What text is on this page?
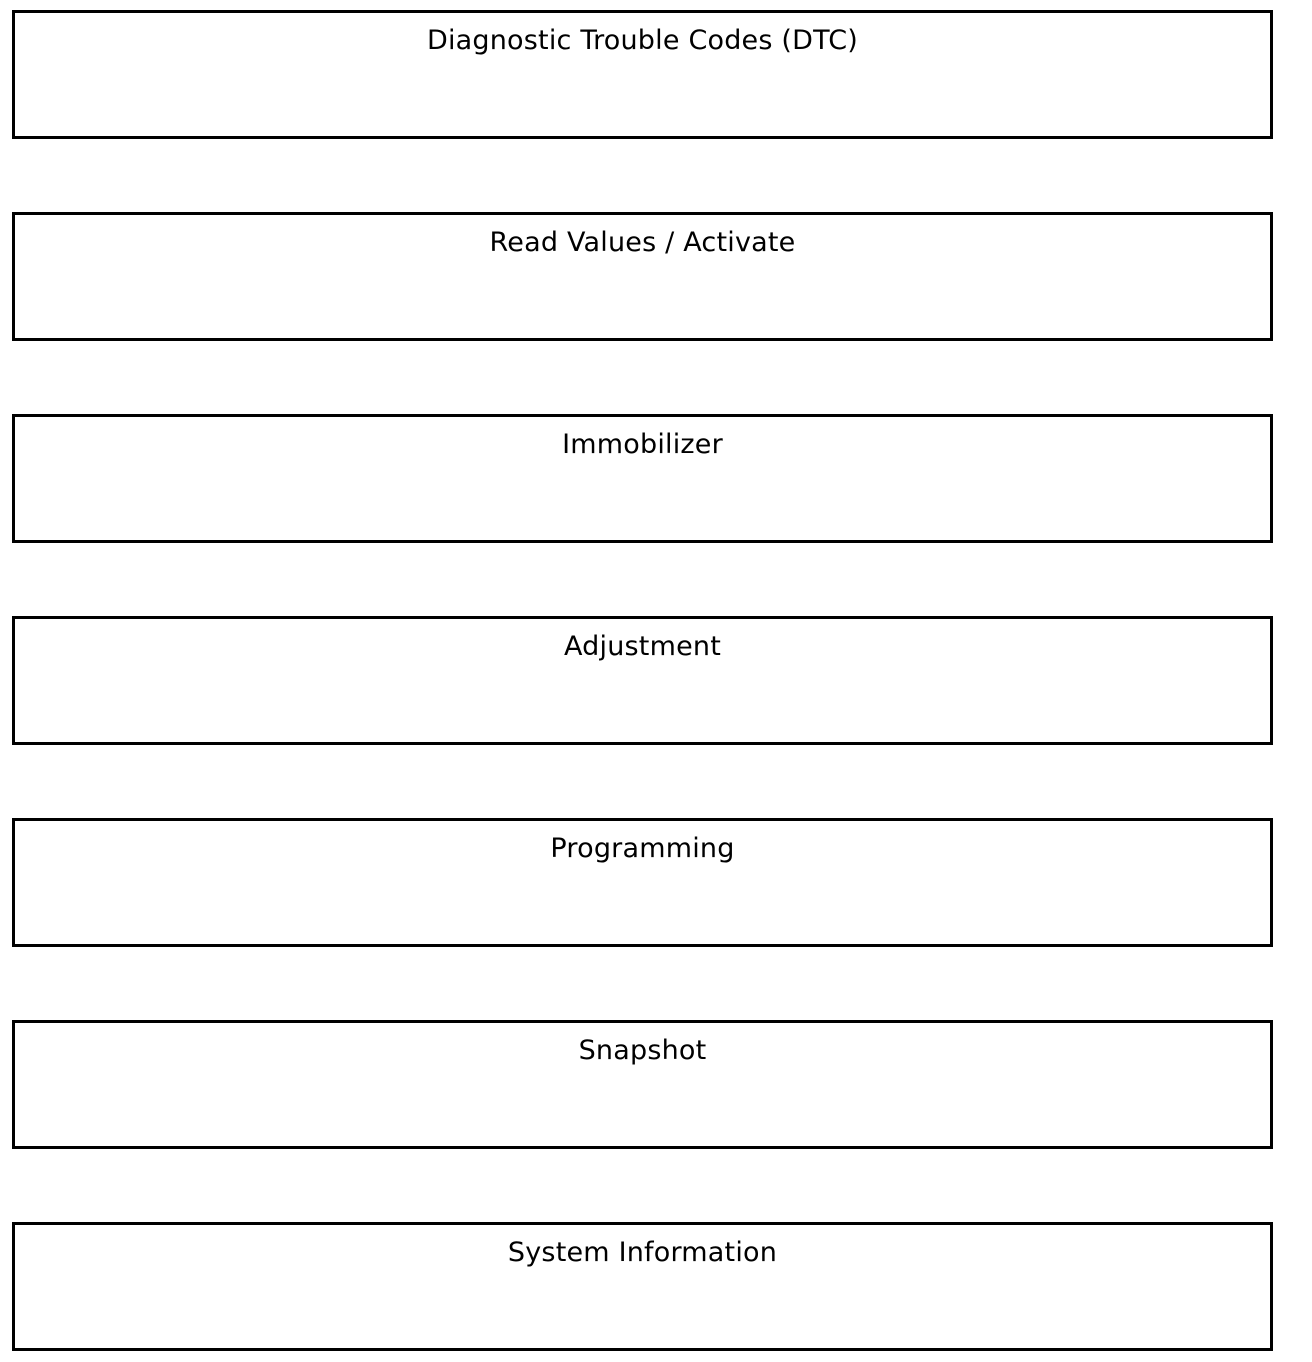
Diagnostic Trouble Codes (DTC)
Read Values / Activate
Immobilizer
Adjustment
Programming
Snapshot
System Information
